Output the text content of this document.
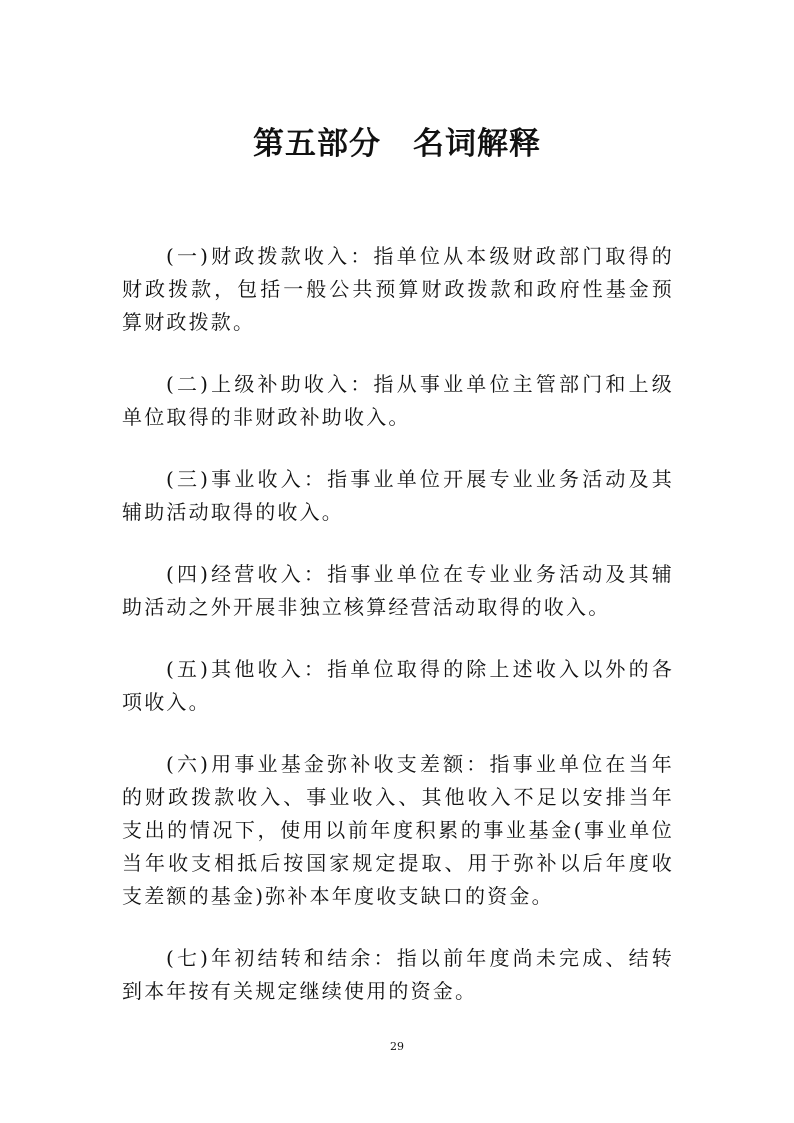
第五部分　名词解释

(一)财政拨款收入：指单位从本级财政部门取得的财政拨款，包括一般公共预算财政拨款和政府性基金预算财政拨款。

(二)上级补助收入：指从事业单位主管部门和上级单位取得的非财政补助收入。

(三)事业收入：指事业单位开展专业业务活动及其辅助活动取得的收入。

(四)经营收入：指事业单位在专业业务活动及其辅助活动之外开展非独立核算经营活动取得的收入。

(五)其他收入：指单位取得的除上述收入以外的各项收入。

(六)用事业基金弥补收支差额：指事业单位在当年的财政拨款收入、事业收入、其他收入不足以安排当年支出的情况下，使用以前年度积累的事业基金(事业单位当年收支相抵后按国家规定提取、用于弥补以后年度收支差额的基金)弥补本年度收支缺口的资金。

(七)年初结转和结余：指以前年度尚未完成、结转到本年按有关规定继续使用的资金。

29
